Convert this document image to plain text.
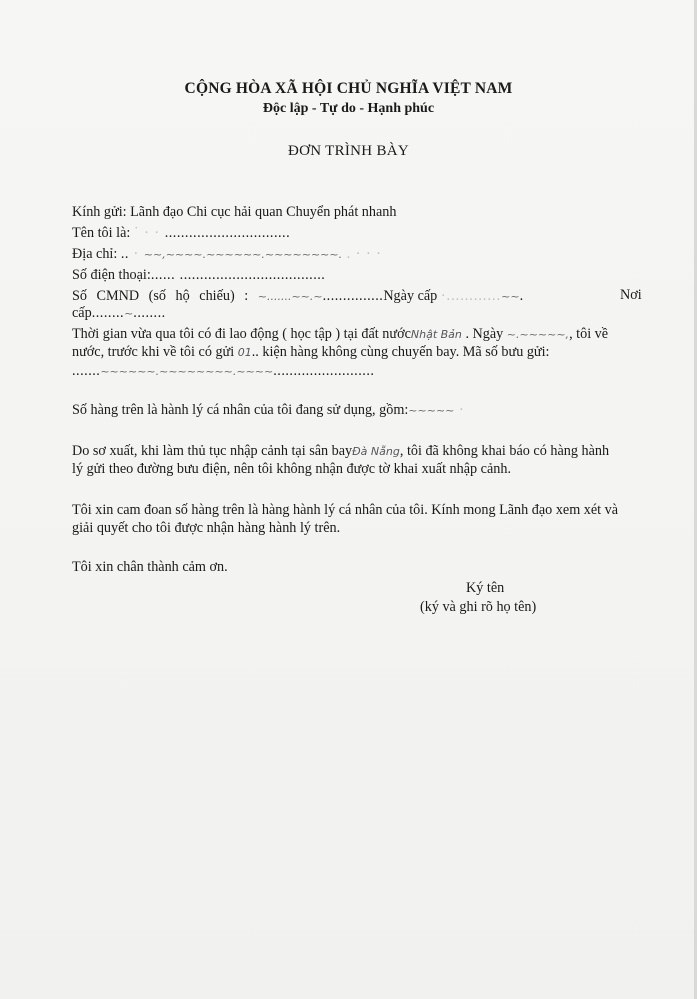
CỘNG HÒA XÃ HỘI CHỦ NGHĨA VIỆT NAM
Độc lập - Tự do - Hạnh phúc
ĐƠN TRÌNH BÀY
Kính gửi: Lãnh đạo Chi cục hải quan Chuyển phát nhanh
Tên tôi là: ˙ · · ...............................
Địa chỉ: .. · ~~,~~~~.~~~~~~.~~~~~~~~. . · · ·
Số điện thoại:...... ....................................
Số CMND (số hộ chiếu) : ~.......~~.~...............Ngày cấp ·............~~.	Nơi
cấp........~........
Thời gian vừa qua tôi có đi lao động ( học tập ) tại đất nướcNhật Bản . Ngày ~.~~~~~,, tôi về
nước, trước khi về tôi có gửi 01.. kiện hàng không cùng chuyến bay. Mã số bưu gửi:
.......~~~~~~.~~~~~~~~.~~~~.........................
Số hàng trên là hành lý cá nhân của tôi đang sử dụng, gồm:~~~~~ ·
Do sơ xuất, khi làm thủ tục nhập cảnh tại sân bayĐà Nẵng, tôi đã không khai báo có hàng hành
lý gửi theo đường bưu điện, nên tôi không nhận được tờ khai xuất nhập cảnh.
Tôi xin cam đoan số hàng trên là hàng hành lý cá nhân của tôi. Kính mong Lãnh đạo xem xét và
giải quyết cho tôi được nhận hàng hành lý trên.
Tôi xin chân thành cảm ơn.
Ký tên
(ký và ghi rõ họ tên)
